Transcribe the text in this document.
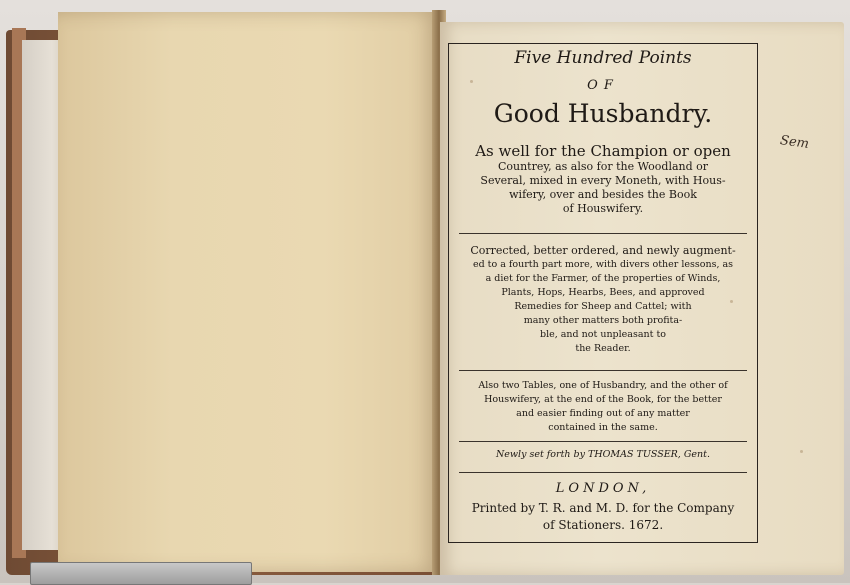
Sem
Five Hundred Points
OF
Good Husbandry.
As well for the Champion or open
Countrey, as also for the Woodland or
Several, mixed in every Moneth, with Hous-
wifery, over and besides the Book
of Houswifery.
Corrected, better ordered, and newly augment-
ed to a fourth part more, with divers other lessons, as
a diet for the Farmer, of the properties of Winds,
Plants, Hops, Hearbs, Bees, and approved
Remedies for Sheep and Cattel; with
many other matters both profita-
ble, and not unpleasant to
the Reader.
Also two Tables, one of Husbandry, and the other of
Houswifery, at the end of the Book, for the better
and easier finding out of any matter
contained in the same.
Newly set forth by THOMAS TUSSER, Gent.
LONDON,
Printed by T. R. and M. D. for the Company
of Stationers. 1672.
